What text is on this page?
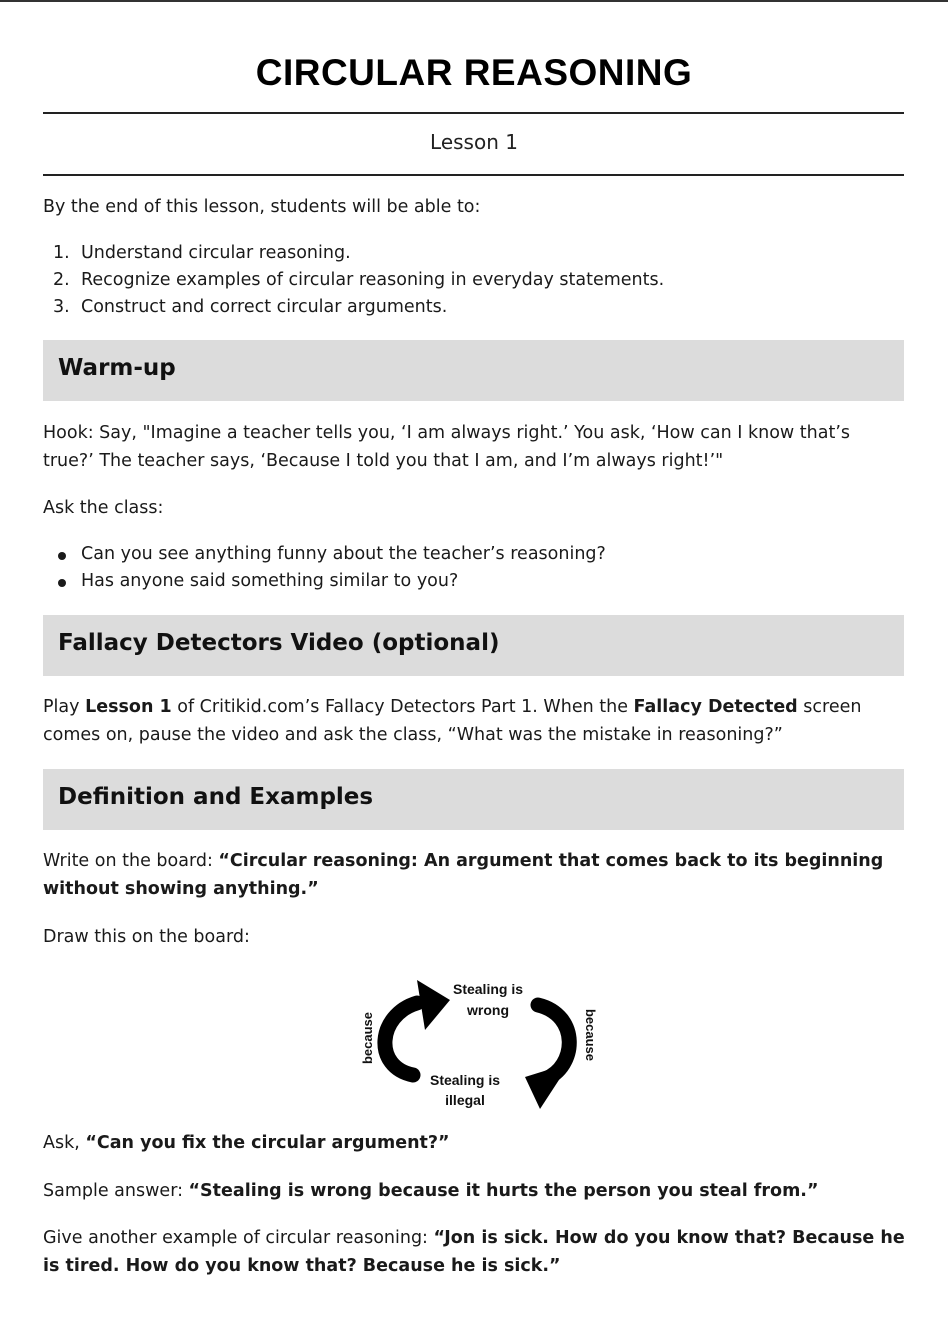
CIRCULAR REASONING
Lesson 1

By the end of this lesson, students will be able to:

1. Understand circular reasoning.
2. Recognize examples of circular reasoning in everyday statements.
3. Construct and correct circular arguments.
Warm-up

Hook: Say, "Imagine a teacher tells you, ‘I am always right.’ You ask, ‘How can I know that’s true?’ The teacher says, ‘Because I told you that I am, and I’m always right!’"

Ask the class:

Can you see anything funny about the teacher’s reasoning?
Has anyone said something similar to you?
Fallacy Detectors Video (optional)

Play Lesson 1 of Critikid.com’s Fallacy Detectors Part 1. When the Fallacy Detected screen comes on, pause the video and ask the class, “What was the mistake in reasoning?”

Definition and Examples

Write on the board: “Circular reasoning: An argument that comes back to its beginning without showing anything.”

Draw this on the board:

Stealing is
wrong
Stealing is
illegal
because	because

Ask, “Can you fix the circular argument?”

Sample answer: “Stealing is wrong because it hurts the person you steal from.”

Give another example of circular reasoning: “Jon is sick. How do you know that? Because he is tired. How do you know that? Because he is sick.”
